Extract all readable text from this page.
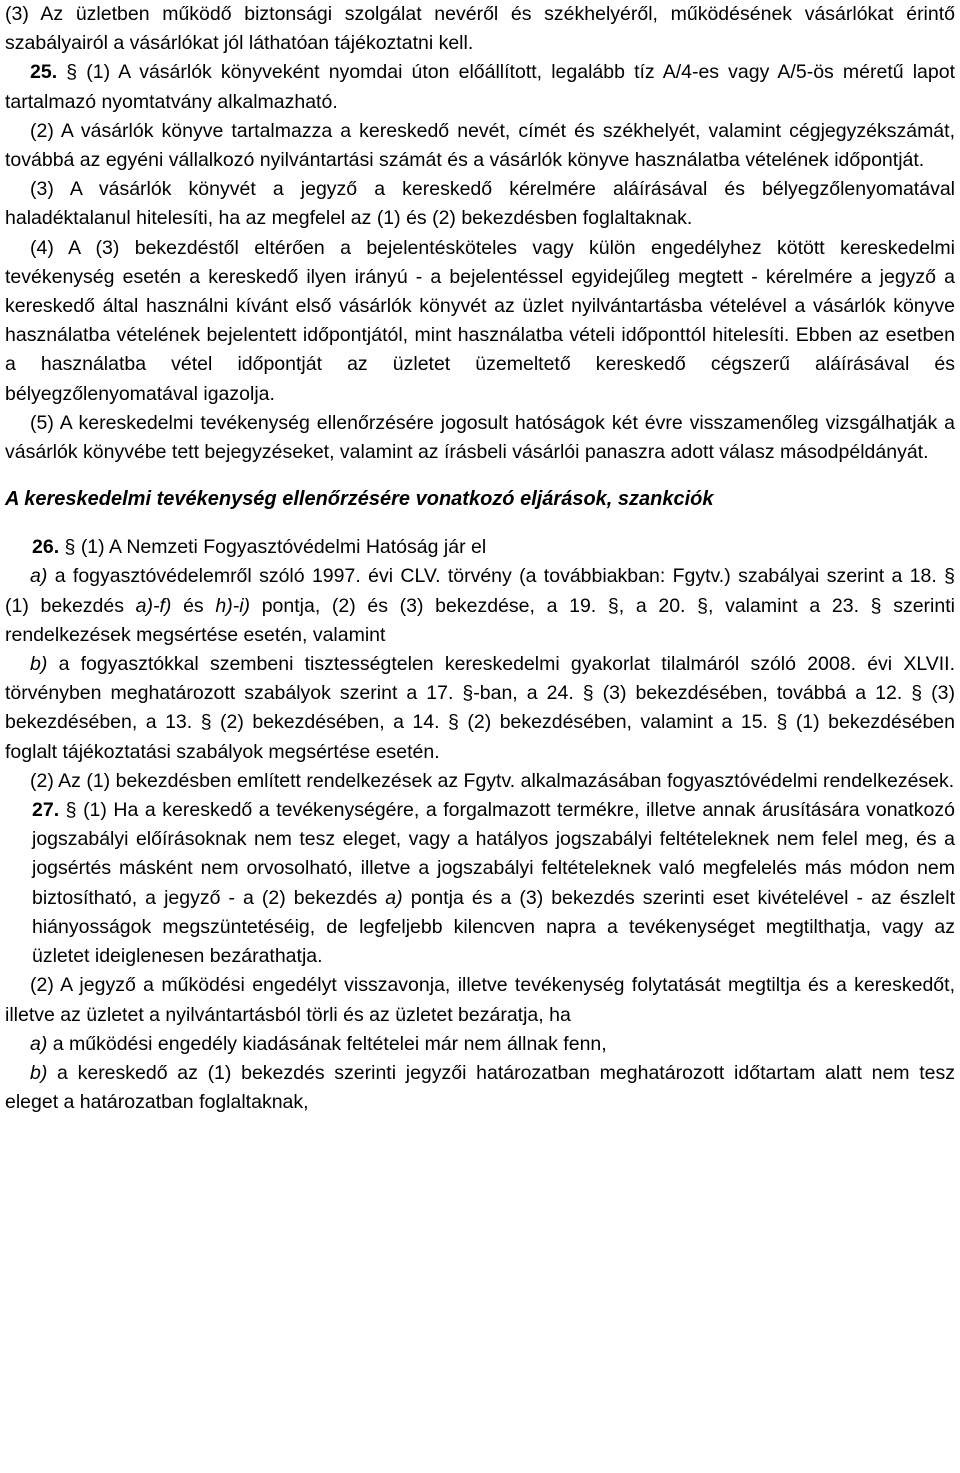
(3) Az üzletben működő biztonsági szolgálat nevéről és székhelyéről, működésének vásárlókat érintő szabályairól a vásárlókat jól láthatóan tájékoztatni kell.

25. § (1) A vásárlók könyveként nyomdai úton előállított, legalább tíz A/4-es vagy A/5-ös méretű lapot tartalmazó nyomtatvány alkalmazható.

(2) A vásárlók könyve tartalmazza a kereskedő nevét, címét és székhelyét, valamint cégjegyzékszámát, továbbá az egyéni vállalkozó nyilvántartási számát és a vásárlók könyve használatba vételének időpontját.

(3) A vásárlók könyvét a jegyző a kereskedő kérelmére aláírásával és bélyegzőlenyomatával haladéktalanul hitelesíti, ha az megfelel az (1) és (2) bekezdésben foglaltaknak.

(4) A (3) bekezdéstől eltérően a bejelentésköteles vagy külön engedélyhez kötött kereskedelmi tevékenység esetén a kereskedő ilyen irányú - a bejelentéssel egyidejűleg megtett - kérelmére a jegyző a kereskedő által használni kívánt első vásárlók könyvét az üzlet nyilvántartásba vételével a vásárlók könyve használatba vételének bejelentett időpontjától, mint használatba vételi időponttól hitelesíti. Ebben az esetben a használatba vétel időpontját az üzletet üzemeltető kereskedő cégszerű aláírásával és bélyegzőlenyomatával igazolja.

(5) A kereskedelmi tevékenység ellenőrzésére jogosult hatóságok két évre visszamenőleg vizsgálhatják a vásárlók könyvébe tett bejegyzéseket, valamint az írásbeli vásárlói panaszra adott válasz másodpéldányát.

A kereskedelmi tevékenység ellenőrzésére vonatkozó eljárások, szankciók

26. § (1) A Nemzeti Fogyasztóvédelmi Hatóság jár el

a) a fogyasztóvédelemről szóló 1997. évi CLV. törvény (a továbbiakban: Fgytv.) szabályai szerint a 18. § (1) bekezdés a)-f) és h)-i) pontja, (2) és (3) bekezdése, a 19. §, a 20. §, valamint a 23. § szerinti rendelkezések megsértése esetén, valamint

b) a fogyasztókkal szembeni tisztességtelen kereskedelmi gyakorlat tilalmáról szóló 2008. évi XLVII. törvényben meghatározott szabályok szerint a 17. §-ban, a 24. § (3) bekezdésében, továbbá a 12. § (3) bekezdésében, a 13. § (2) bekezdésében, a 14. § (2) bekezdésében, valamint a 15. § (1) bekezdésében foglalt tájékoztatási szabályok megsértése esetén.

(2) Az (1) bekezdésben említett rendelkezések az Fgytv. alkalmazásában fogyasztóvédelmi rendelkezések.

27. § (1) Ha a kereskedő a tevékenységére, a forgalmazott termékre, illetve annak árusítására vonatkozó jogszabályi előírásoknak nem tesz eleget, vagy a hatályos jogszabályi feltételeknek nem felel meg, és a jogsértés másként nem orvosolható, illetve a jogszabályi feltételeknek való megfelelés más módon nem biztosítható, a jegyző - a (2) bekezdés a) pontja és a (3) bekezdés szerinti eset kivételével - az észlelt hiányosságok megszüntetéséig, de legfeljebb kilencven napra a tevékenységet megtilthatja, vagy az üzletet ideiglenesen bezárathatja.

(2) A jegyző a működési engedélyt visszavonja, illetve tevékenység folytatását megtiltja és a kereskedőt, illetve az üzletet a nyilvántartásból törli és az üzletet bezáratja, ha

a) a működési engedély kiadásának feltételei már nem állnak fenn,

b) a kereskedő az (1) bekezdés szerinti jegyzői határozatban meghatározott időtartam alatt nem tesz eleget a határozatban foglaltaknak,
